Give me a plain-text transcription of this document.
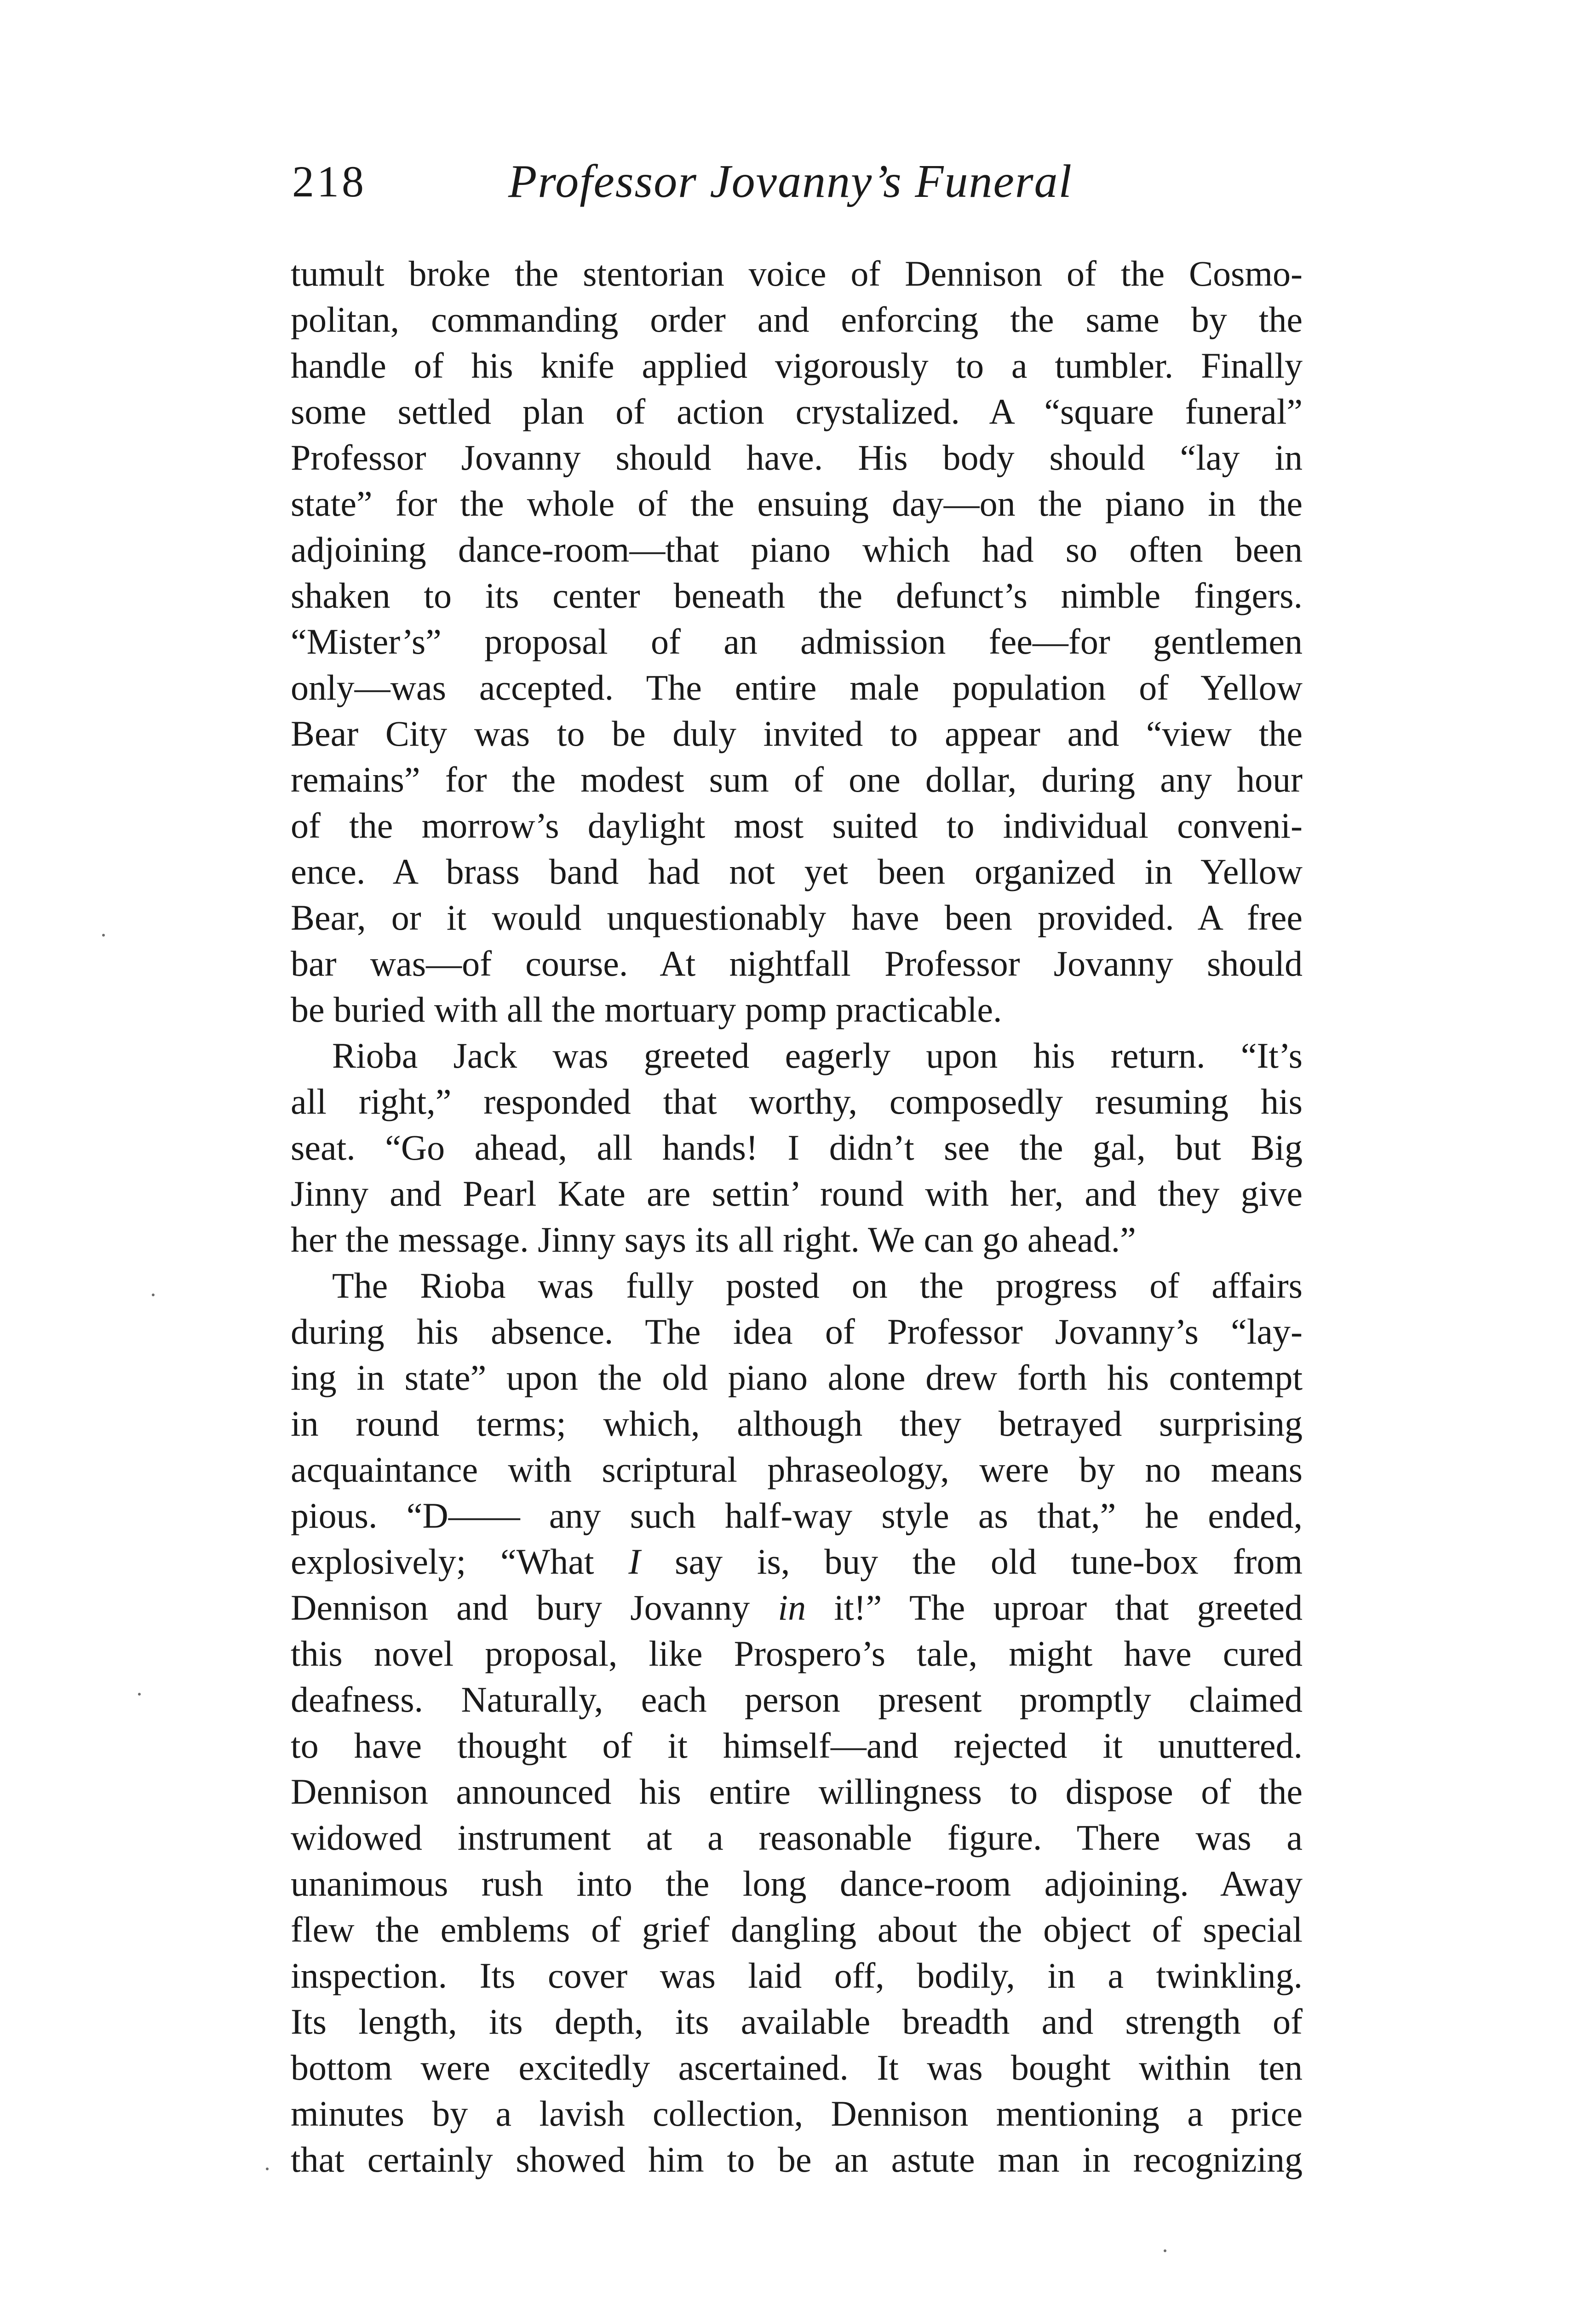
218	Professor Jovanny’s Funeral
tumult broke the stentorian voice of Dennison of the Cosmo-
politan, commanding order and enforcing the same by the
handle of his knife applied vigorously to a tumbler. Finally
some settled plan of action crystalized. A “square funeral”
Professor Jovanny should have. His body should “lay in
state” for the whole of the ensuing day—on the piano in the
adjoining dance-room—that piano which had so often been
shaken to its center beneath the defunct’s nimble fingers.
“Mister’s” proposal of an admission fee—for gentlemen
only—was accepted. The entire male population of Yellow
Bear City was to be duly invited to appear and “view the
remains” for the modest sum of one dollar, during any hour
of the morrow’s daylight most suited to individual conveni-
ence. A brass band had not yet been organized in Yellow
Bear, or it would unquestionably have been provided. A free
bar was—of course. At nightfall Professor Jovanny should
be buried with all the mortuary pomp practicable.
Rioba Jack was greeted eagerly upon his return. “It’s
all right,” responded that worthy, composedly resuming his
seat. “Go ahead, all hands! I didn’t see the gal, but Big
Jinny and Pearl Kate are settin’ round with her, and they give
her the message. Jinny says its all right. We can go ahead.”
The Rioba was fully posted on the progress of affairs
during his absence. The idea of Professor Jovanny’s “lay-
ing in state” upon the old piano alone drew forth his contempt
in round terms; which, although they betrayed surprising
acquaintance with scriptural phraseology, were by no means
pious. “D—— any such half-way style as that,” he ended,
explosively; “What I say is, buy the old tune-box from
Dennison and bury Jovanny in it!” The uproar that greeted
this novel proposal, like Prospero’s tale, might have cured
deafness. Naturally, each person present promptly claimed
to have thought of it himself—and rejected it unuttered.
Dennison announced his entire willingness to dispose of the
widowed instrument at a reasonable figure. There was a
unanimous rush into the long dance-room adjoining. Away
flew the emblems of grief dangling about the object of special
inspection. Its cover was laid off, bodily, in a twinkling.
Its length, its depth, its available breadth and strength of
bottom were excitedly ascertained. It was bought within ten
minutes by a lavish collection, Dennison mentioning a price
that certainly showed him to be an astute man in recognizing
